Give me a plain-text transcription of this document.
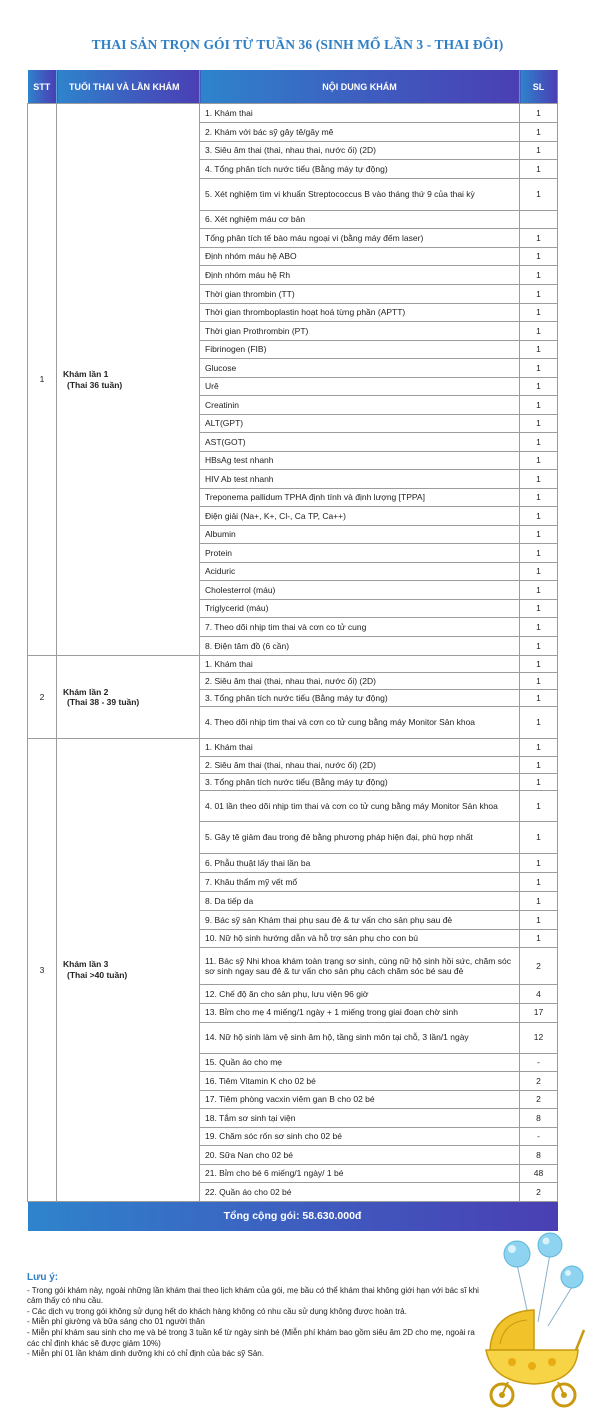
THAI SẢN TRỌN GÓI TỪ TUẦN 36 (SINH MỔ LẦN 3 - THAI ĐÔI)
STT	TUỔI THAI VÀ LẦN KHÁM	NỘI DUNG KHÁM	SL
1	Khám lần 1
(Thai 36 tuần)	1. Khám thai	1
		2. Khám với bác sỹ gây tê/gây mê	1
		3. Siêu âm thai (thai, nhau thai, nước ối) (2D)	1
		4. Tổng phân tích nước tiểu (Bằng máy tự động)	1
		5. Xét nghiệm tìm vi khuẩn Streptococcus B vào tháng thứ 9 của thai kỳ	1
		6. Xét nghiệm máu cơ bản	
		Tổng phân tích tế bào máu ngoại vi (bằng máy đếm laser)	1
		Định nhóm máu hệ ABO	1
		Định nhóm máu hệ Rh	1
		Thời gian thrombin (TT)	1
		Thời gian thromboplastin hoạt hoá từng phần (APTT)	1
		Thời gian Prothrombin (PT)	1
		Fibrinogen (FIB)	1
		Glucose	1
		Urê	1
		Creatinin	1
		ALT(GPT)	1
		AST(GOT)	1
		HBsAg test nhanh	1
		HIV Ab test nhanh	1
		Treponema pallidum TPHA định tính và định lượng [TPPA]	1
		Điện giải (Na+, K+, Cl-, Ca TP, Ca++)	1
		Albumin	1
		Protein	1
		Aciduric	1
		Cholesterrol (máu)	1
		Triglycerid (máu)	1
		7. Theo dõi nhịp tim thai và cơn co tử cung	1
		8. Điện tâm đồ (6 cần)	1
2	Khám lần 2
(Thai 38 - 39 tuần)	1. Khám thai	1
		2. Siêu âm thai (thai, nhau thai, nước ối) (2D)	1
		3. Tổng phân tích nước tiểu (Bằng máy tự động)	1
		4. Theo dõi nhịp tim thai và cơn co tử cung bằng máy Monitor Sản khoa	1
3	Khám lần 3
(Thai >40 tuần)	1. Khám thai	1
		2. Siêu âm thai (thai, nhau thai, nước ối) (2D)	1
		3. Tổng phân tích nước tiểu (Bằng máy tự động)	1
		4. 01 lần theo dõi nhịp tim thai và cơn co tử cung bằng máy Monitor Sản khoa	1
		5. Gây tê giảm đau trong đẻ bằng phương pháp hiện đại, phù hợp nhất	1
		6. Phẫu thuật lấy thai lần ba	1
		7. Khâu thẩm mỹ vết mổ	1
		8. Da tiếp da	1
		9. Bác sỹ sản Khám thai phụ sau đẻ & tư vấn cho sản phụ sau đẻ	1
		10. Nữ hộ sinh hướng dẫn và hỗ trợ sản phụ cho con bú	1
		11. Bác sỹ Nhi khoa khám toàn trạng sơ sinh, cùng nữ hộ sinh hồi sức, chăm sóc sơ sinh ngay sau đẻ & tư vấn cho sản phụ cách chăm sóc bé sau đẻ	2
		12. Chế độ ăn cho sản phụ, lưu viện 96 giờ	4
		13. Bỉm cho mẹ 4 miếng/1 ngày + 1 miếng trong giai đoạn chờ sinh	17
		14. Nữ hộ sinh làm vệ sinh âm hộ, tầng sinh môn tại chỗ, 3 lần/1 ngày	12
		15. Quần áo cho mẹ	-
		16. Tiêm Vitamin K cho 02 bé	2
		17. Tiêm phòng vacxin viêm gan B cho 02 bé	2
		18. Tắm sơ sinh tại viện	8
		19. Chăm sóc rốn sơ sinh cho 02 bé	-
		20. Sữa Nan cho 02 bé	8
		21. Bỉm cho bé 6 miếng/1 ngày/ 1 bé	48
		22. Quần áo cho 02 bé	2
Tổng cộng gói: 58.630.000đ			
Lưu ý:
- Trong gói khám này, ngoài những lần khám thai theo lịch khám của gói, mẹ bầu có thể khám thai không giới hạn với bác sĩ khi cảm thấy có nhu cầu.
- Các dịch vụ trong gói không sử dụng hết do khách hàng không có nhu cầu sử dụng không được hoàn trả.
- Miễn phí giường và bữa sáng cho 01 người thân
- Miễn phí khám sau sinh cho mẹ và bé trong 3 tuần kể từ ngày sinh bé (Miễn phí khám bao gồm siêu âm 2D cho mẹ, ngoài ra các chỉ định khác sẽ được giảm 10%)
- Miễn phí 01 lần khám dinh dưỡng khi có chỉ định của bác sỹ Sản.
